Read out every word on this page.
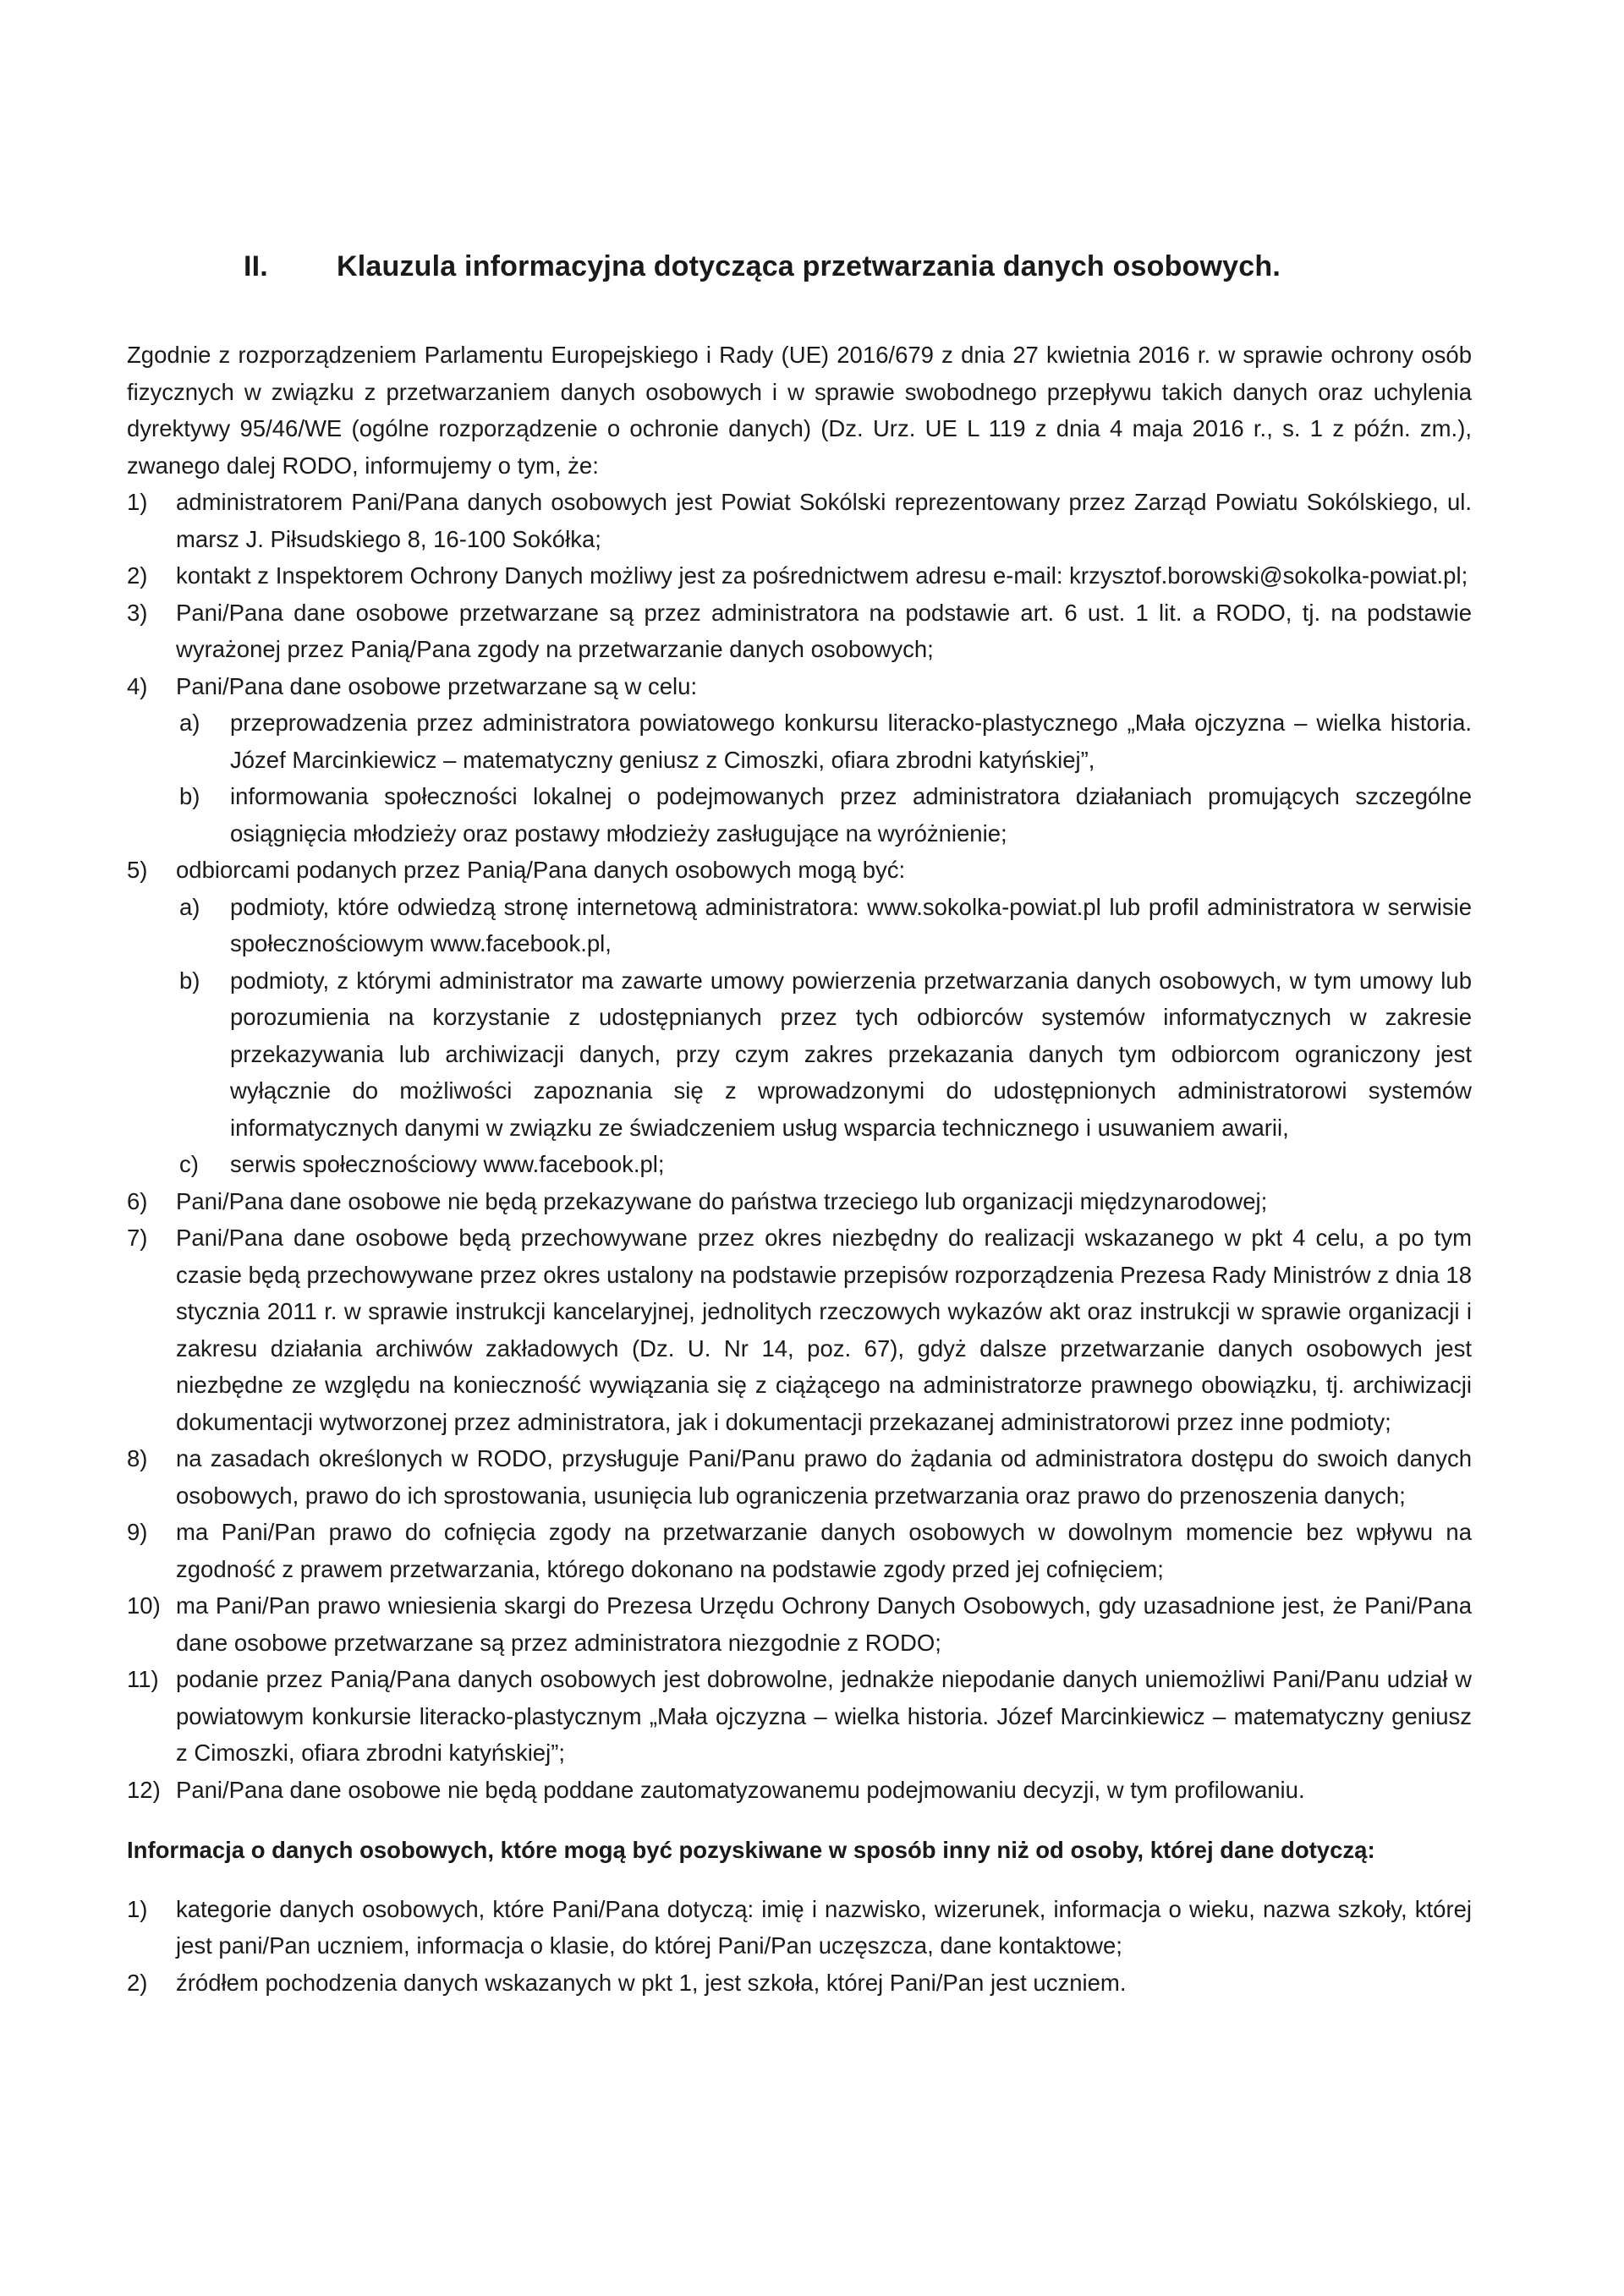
II. Klauzula informacyjna dotycząca przetwarzania danych osobowych.

Zgodnie z rozporządzeniem Parlamentu Europejskiego i Rady (UE) 2016/679 z dnia 27 kwietnia 2016 r. w sprawie ochrony osób fizycznych w związku z przetwarzaniem danych osobowych i w sprawie swobodnego przepływu takich danych oraz uchylenia dyrektywy 95/46/WE (ogólne rozporządzenie o ochronie danych) (Dz. Urz. UE L 119 z dnia 4 maja 2016 r., s. 1 z późn. zm.), zwanego dalej RODO, informujemy o tym, że:

1) administratorem Pani/Pana danych osobowych jest Powiat Sokólski reprezentowany przez Zarząd Powiatu Sokólskiego, ul. marsz J. Piłsudskiego 8, 16-100 Sokółka;
2) kontakt z Inspektorem Ochrony Danych możliwy jest za pośrednictwem adresu e-mail: krzysztof.borowski@sokolka-powiat.pl;
3) Pani/Pana dane osobowe przetwarzane są przez administratora na podstawie art. 6 ust. 1 lit. a RODO, tj. na podstawie wyrażonej przez Panią/Pana zgody na przetwarzanie danych osobowych;
4) Pani/Pana dane osobowe przetwarzane są w celu:
a) przeprowadzenia przez administratora powiatowego konkursu literacko-plastycznego „Mała ojczyzna – wielka historia. Józef Marcinkiewicz – matematyczny geniusz z Cimoszki, ofiara zbrodni katyńskiej”,
b) informowania społeczności lokalnej o podejmowanych przez administratora działaniach promujących szczególne osiągnięcia młodzieży oraz postawy młodzieży zasługujące na wyróżnienie;
5) odbiorcami podanych przez Panią/Pana danych osobowych mogą być:
a) podmioty, które odwiedzą stronę internetową administratora: www.sokolka-powiat.pl lub profil administratora w serwisie społecznościowym www.facebook.pl,
b) podmioty, z którymi administrator ma zawarte umowy powierzenia przetwarzania danych osobowych, w tym umowy lub porozumienia na korzystanie z udostępnianych przez tych odbiorców systemów informatycznych w zakresie przekazywania lub archiwizacji danych, przy czym zakres przekazania danych tym odbiorcom ograniczony jest wyłącznie do możliwości zapoznania się z wprowadzonymi do udostępnionych administratorowi systemów informatycznych danymi w związku ze świadczeniem usług wsparcia technicznego i usuwaniem awarii,
c) serwis społecznościowy www.facebook.pl;
6) Pani/Pana dane osobowe nie będą przekazywane do państwa trzeciego lub organizacji międzynarodowej;
7) Pani/Pana dane osobowe będą przechowywane przez okres niezbędny do realizacji wskazanego w pkt 4 celu, a po tym czasie będą przechowywane przez okres ustalony na podstawie przepisów rozporządzenia Prezesa Rady Ministrów z dnia 18 stycznia 2011 r. w sprawie instrukcji kancelaryjnej, jednolitych rzeczowych wykazów akt oraz instrukcji w sprawie organizacji i zakresu działania archiwów zakładowych (Dz. U. Nr 14, poz. 67), gdyż dalsze przetwarzanie danych osobowych jest niezbędne ze względu na konieczność wywiązania się z ciążącego na administratorze prawnego obowiązku, tj. archiwizacji dokumentacji wytworzonej przez administratora, jak i dokumentacji przekazanej administratorowi przez inne podmioty;
8) na zasadach określonych w RODO, przysługuje Pani/Panu prawo do żądania od administratora dostępu do swoich danych osobowych, prawo do ich sprostowania, usunięcia lub ograniczenia przetwarzania oraz prawo do przenoszenia danych;
9) ma Pani/Pan prawo do cofnięcia zgody na przetwarzanie danych osobowych w dowolnym momencie bez wpływu na zgodność z prawem przetwarzania, którego dokonano na podstawie zgody przed jej cofnięciem;
10) ma Pani/Pan prawo wniesienia skargi do Prezesa Urzędu Ochrony Danych Osobowych, gdy uzasadnione jest, że Pani/Pana dane osobowe przetwarzane są przez administratora niezgodnie z RODO;
11) podanie przez Panią/Pana danych osobowych jest dobrowolne, jednakże niepodanie danych uniemożliwi Pani/Panu udział w powiatowym konkursie literacko-plastycznym „Mała ojczyzna – wielka historia. Józef Marcinkiewicz – matematyczny geniusz z Cimoszki, ofiara zbrodni katyńskiej”;
12) Pani/Pana dane osobowe nie będą poddane zautomatyzowanemu podejmowaniu decyzji, w tym profilowaniu.
Informacja o danych osobowych, które mogą być pozyskiwane w sposób inny niż od osoby, której dane dotyczą:
1) kategorie danych osobowych, które Pani/Pana dotyczą: imię i nazwisko, wizerunek, informacja o wieku, nazwa szkoły, której jest pani/Pan uczniem, informacja o klasie, do której Pani/Pan uczęszcza, dane kontaktowe;
2) źródłem pochodzenia danych wskazanych w pkt 1, jest szkoła, której Pani/Pan jest uczniem.
